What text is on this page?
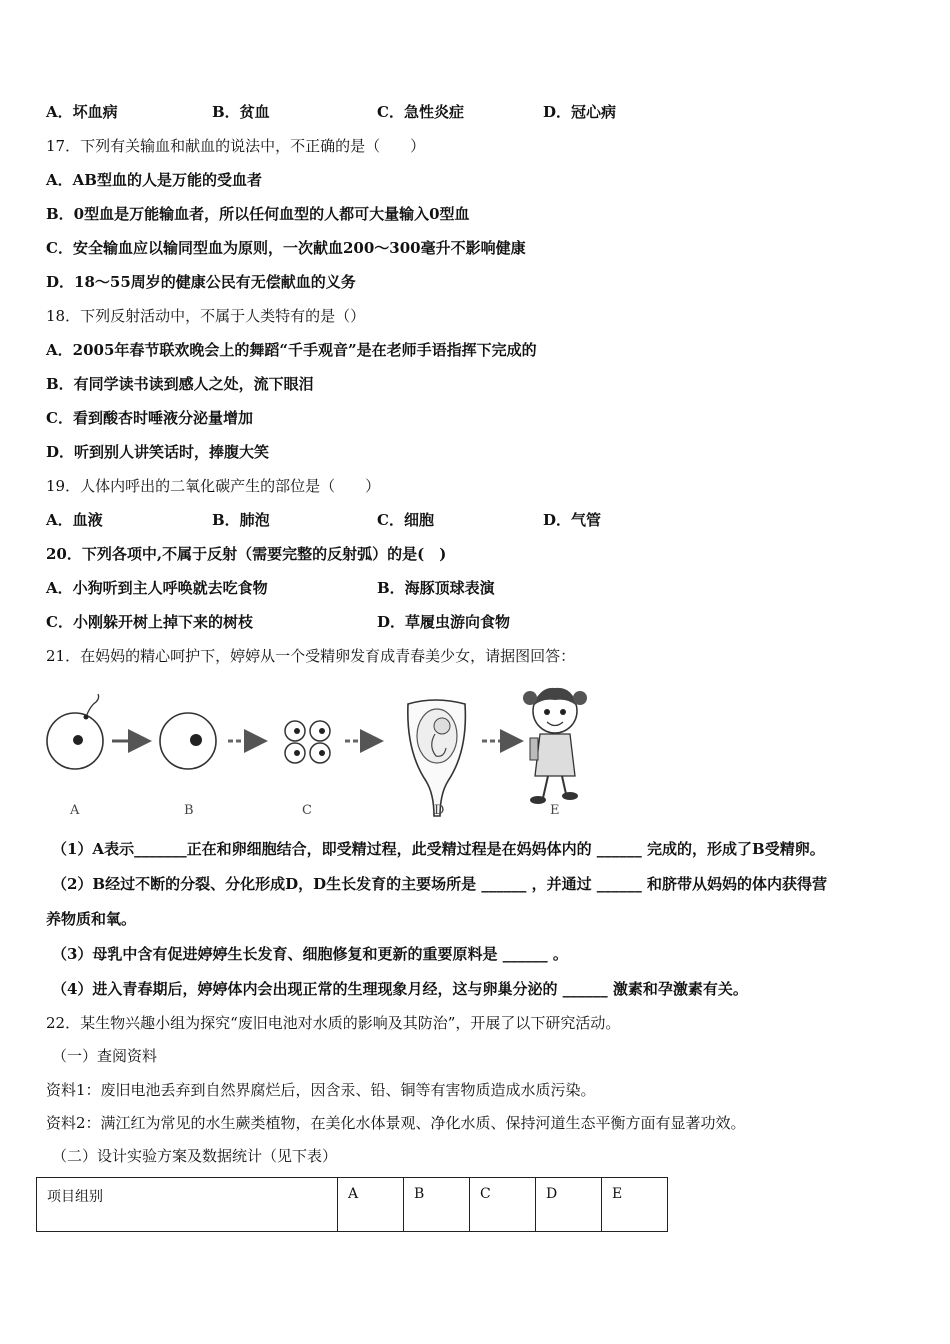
A．坏血病	B．贫血	C．急性炎症	D．冠心病
17．下列有关输血和献血的说法中，不正确的是（　　）
A．AB型血的人是万能的受血者
B．0型血是万能输血者，所以任何血型的人都可大量输入0型血
C．安全输血应以输同型血为原则，一次献血200～300毫升不影响健康
D．18～55周岁的健康公民有无偿献血的义务
18．下列反射活动中，不属于人类特有的是（）
A．2005年春节联欢晚会上的舞蹈“千手观音”是在老师手语指挥下完成的
B．有同学读书读到感人之处，流下眼泪
C．看到酸杏时唾液分泌量增加
D．听到别人讲笑话时，捧腹大笑
19．人体内呼出的二氧化碳产生的部位是（　　）
A．血液	B．肺泡	C．细胞	D．气管
20．下列各项中,不属于反射（需要完整的反射弧）的是(　)
A．小狗听到主人呼唤就去吃食物	B．海豚顶球表演
C．小刚躲开树上掉下来的树枝	D．草履虫游向食物
21．在妈妈的精心呵护下，婷婷从一个受精卵发育成青春美少女，请据图回答：
A	B	C	D	E
（1）A表示_______正在和卵细胞结合，即受精过程，此受精过程是在妈妈体内的 ______ 完成的，形成了B受精卵。
（2）B经过不断的分裂、分化形成D，D生长发育的主要场所是 ______ ，并通过 ______ 和脐带从妈妈的体内获得营
养物质和氧。
（3）母乳中含有促进婷婷生长发育、细胞修复和更新的重要原料是 ______ 。
（4）进入青春期后，婷婷体内会出现正常的生理现象月经，这与卵巢分泌的 ______ 激素和孕激素有关。
22．某生物兴趣小组为探究“废旧电池对水质的影响及其防治”，开展了以下研究活动。
（一）查阅资料
资料1：废旧电池丢弃到自然界腐烂后，因含汞、铅、铜等有害物质造成水质污染。
资料2：满江红为常见的水生蕨类植物，在美化水体景观、净化水质、保持河道生态平衡方面有显著功效。
（二）设计实验方案及数据统计（见下表）
项目组别	A	B	C	D	E
